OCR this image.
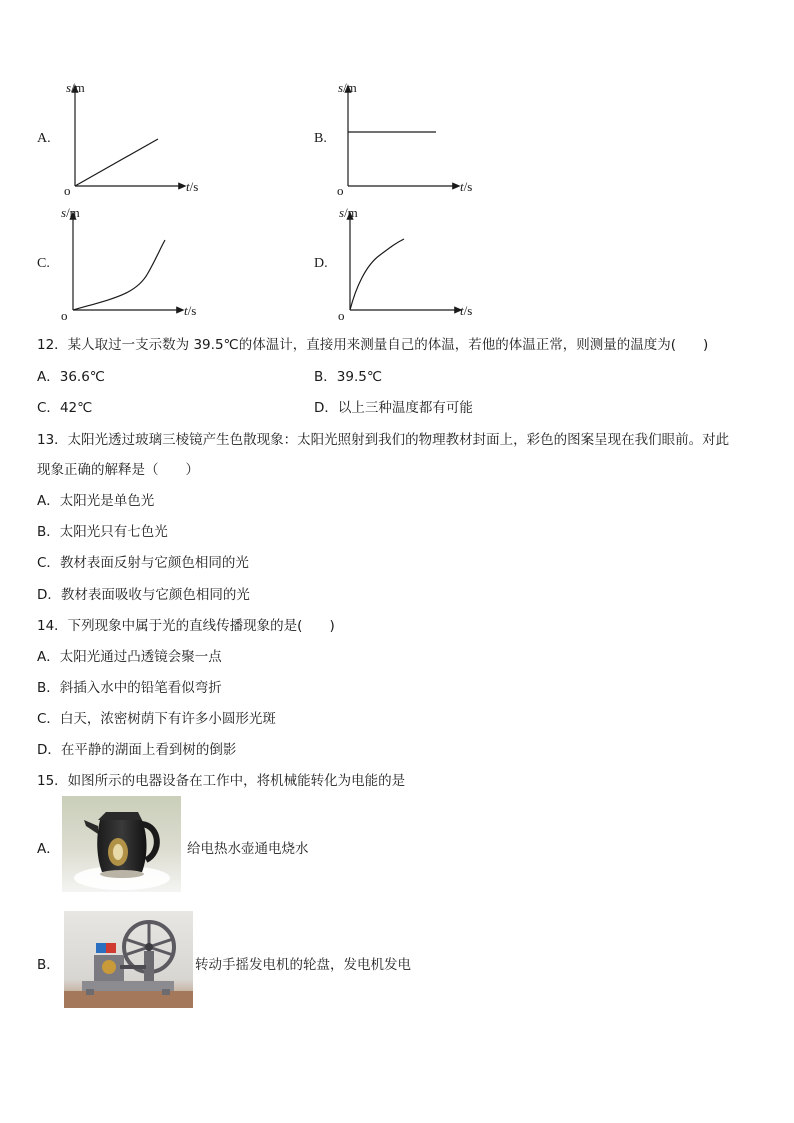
A.
s/m
t/s
o
B.
s/m
t/s
o
C.
s/m
t/s
o
D.
s/m
t/s
o
12．某人取过一支示数为 39.5℃的体温计，直接用来测量自己的体温，若他的体温正常，则测量的温度为(　　)
A．36.6℃	B．39.5℃
C．42℃	D．以上三种温度都有可能
13．太阳光透过玻璃三棱镜产生色散现象：太阳光照射到我们的物理教材封面上，彩色的图案呈现在我们眼前。对此
现象正确的解释是（　　）
A．太阳光是单色光
B．太阳光只有七色光
C．教材表面反射与它颜色相同的光
D．教材表面吸收与它颜色相同的光
14．下列现象中属于光的直线传播现象的是(　　)
A．太阳光通过凸透镜会聚一点
B．斜插入水中的铅笔看似弯折
C．白天，浓密树荫下有许多小圆形光斑
D．在平静的湖面上看到树的倒影
15．如图所示的电器设备在工作中，将机械能转化为电能的是
A．	给电热水壶通电烧水
B．	转动手摇发电机的轮盘，发电机发电
